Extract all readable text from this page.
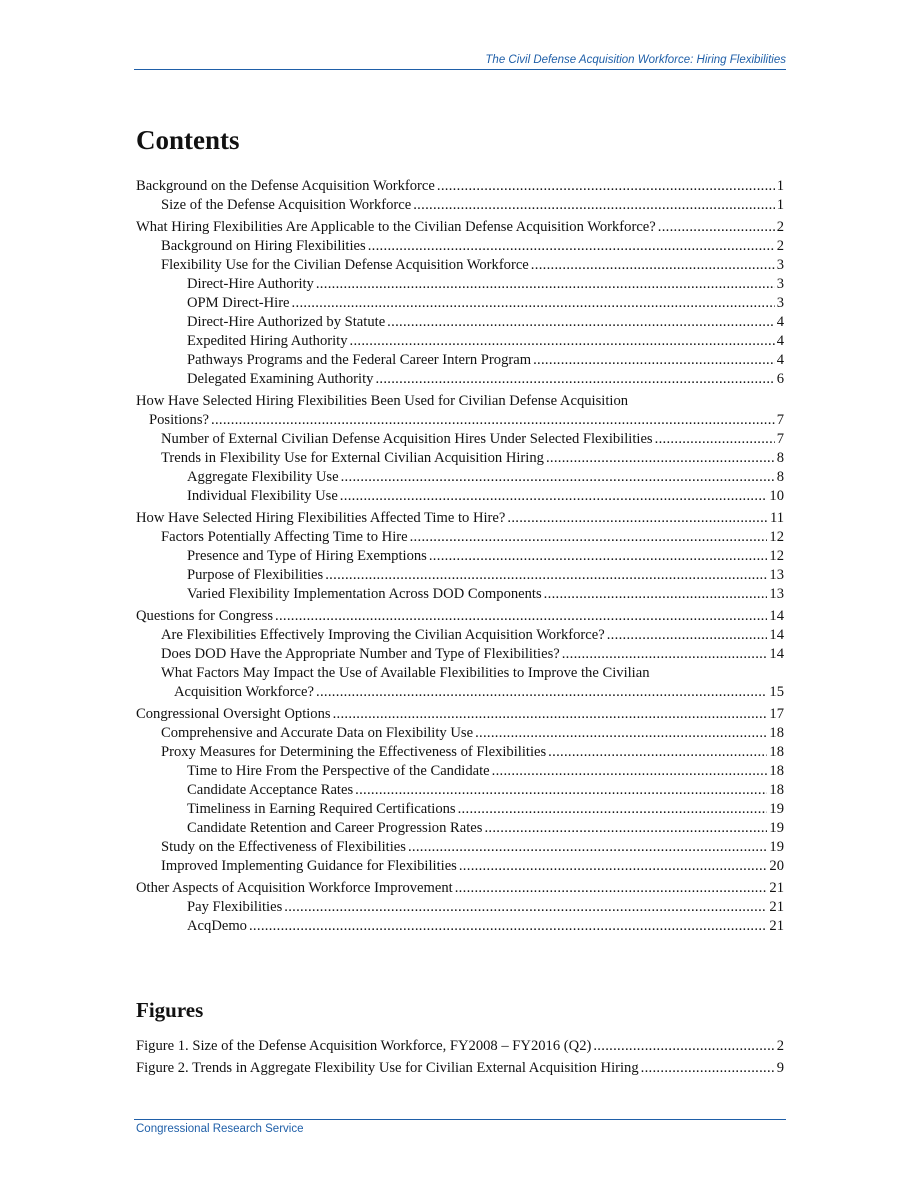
The Civil Defense Acquisition Workforce: Hiring Flexibilities
Contents
Background on the Defense Acquisition Workforce .....	1
Size of the Defense Acquisition Workforce .....	1
What Hiring Flexibilities Are Applicable to the Civilian Defense Acquisition Workforce? .....	2
Background on Hiring Flexibilities .....	2
Flexibility Use for the Civilian Defense Acquisition Workforce .....	3
Direct-Hire Authority .....	3
OPM Direct-Hire .....	3
Direct-Hire Authorized by Statute .....	4
Expedited Hiring Authority .....	4
Pathways Programs and the Federal Career Intern Program .....	4
Delegated Examining Authority .....	6
How Have Selected Hiring Flexibilities Been Used for Civilian Defense Acquisition
Positions? .....	7
Number of External Civilian Defense Acquisition Hires Under Selected Flexibilities .....	7
Trends in Flexibility Use for External Civilian Acquisition Hiring .....	8
Aggregate Flexibility Use .....	8
Individual Flexibility Use .....	10
How Have Selected Hiring Flexibilities Affected Time to Hire? .....	11
Factors Potentially Affecting Time to Hire .....	12
Presence and Type of Hiring Exemptions .....	12
Purpose of Flexibilities .....	13
Varied Flexibility Implementation Across DOD Components .....	13
Questions for Congress .....	14
Are Flexibilities Effectively Improving the Civilian Acquisition Workforce? .....	14
Does DOD Have the Appropriate Number and Type of Flexibilities? .....	14
What Factors May Impact the Use of Available Flexibilities to Improve the Civilian
Acquisition Workforce? .....	15
Congressional Oversight Options .....	17
Comprehensive and Accurate Data on Flexibility Use .....	18
Proxy Measures for Determining the Effectiveness of Flexibilities .....	18
Time to Hire From the Perspective of the Candidate .....	18
Candidate Acceptance Rates .....	18
Timeliness in Earning Required Certifications .....	19
Candidate Retention and Career Progression Rates .....	19
Study on the Effectiveness of Flexibilities .....	19
Improved Implementing Guidance for Flexibilities .....	20
Other Aspects of Acquisition Workforce Improvement .....	21
Pay Flexibilities .....	21
AcqDemo .....	21
Figures
Figure 1. Size of the Defense Acquisition Workforce, FY2008 – FY2016 (Q2) .....	2
Figure 2. Trends in Aggregate Flexibility Use for Civilian External Acquisition Hiring .....	9
Congressional Research Service
